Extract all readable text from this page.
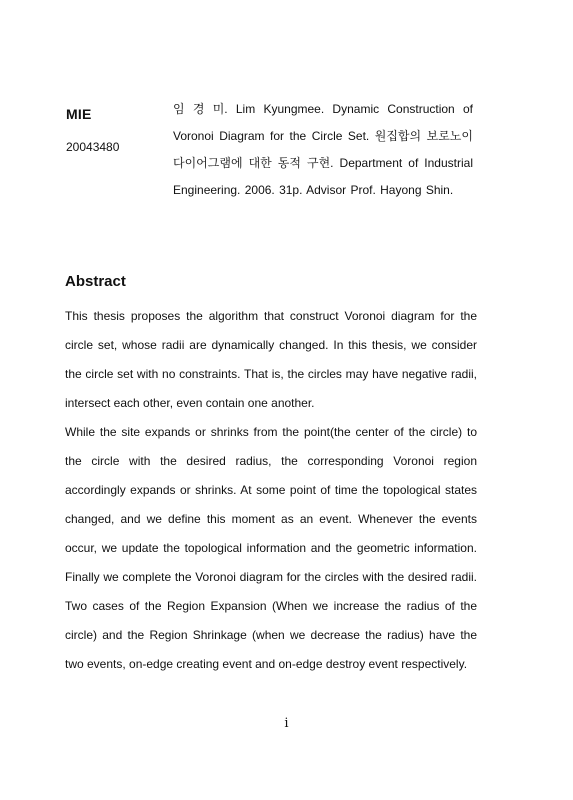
MIE
20043480

임 경 미. Lim Kyungmee. Dynamic Construction of Voronoi Diagram for the Circle Set. 원집합의 보로노이 다이어그램에 대한 동적 구현. Department of Industrial Engineering. 2006. 31p. Advisor Prof. Hayong Shin.

Abstract

This thesis proposes the algorithm that construct Voronoi diagram for the circle set, whose radii are dynamically changed. In this thesis, we consider the circle set with no constraints. That is, the circles may have negative radii, intersect each other, even contain one another.

While the site expands or shrinks from the point(the center of the circle) to the circle with the desired radius, the corresponding Voronoi region accordingly expands or shrinks. At some point of time the topological states changed, and we define this moment as an event. Whenever the events occur, we update the topological information and the geometric information. Finally we complete the Voronoi diagram for the circles with the desired radii. Two cases of the Region Expansion (When we increase the radius of the circle) and the Region Shrinkage (when we decrease the radius) have the two events, on-edge creating event and on-edge destroy event respectively.

i
